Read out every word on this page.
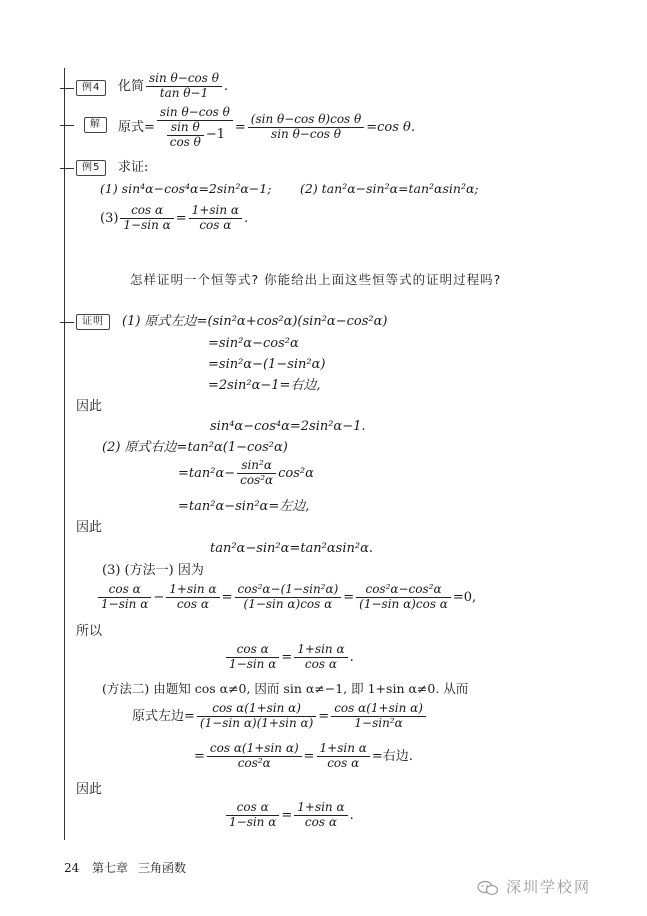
例4	化简 $\frac{\text{sin θ−cos θ}}{\text{tan θ−1}}$ .
解	原式= $\frac{\text{sin θ−cos θ}}{\frac{\text{sin θ}}{\text{cos θ}} -1} = \frac{\text{(sin θ−cos θ)cos θ}}{\text{sin θ−cos θ}} =\cos$ θ.
例5	求证:
(1) sin⁴α−cos⁴α=2sin²α−1; (2) tan²α−sin²α=tan²αsin²α;
$(3) \frac{\text{cos α}}{\text{1−sin α}} = \frac{\text{1+sin α}}{\text{cos α}}$ .
怎样证明一个恒等式? 你能给出上面这些恒等式的证明过程吗?
证明	(1) 原式左边=(sin²α+cos²α)(sin²α−cos²α)
=sin²α−cos²α
=sin²α−(1−sin²α)
=2sin²α−1=右边,
因此
sin⁴α−cos⁴α=2sin²α−1.
(2) 原式右边=tan²α(1−cos²α)
$=\tan^2\alpha- \frac{\text{sin²α}}{\text{cos²α}} \cos^2\alpha$
=tan²α−sin²α=左边,
因此
tan²α−sin²α=tan²αsin²α.
(3) (方法一) 因为
$\frac{\text{cos α}}{\text{1−sin α}} - \frac{\text{1+sin α}}{\text{cos α}} = \frac{\text{cos²α−(1−sin²α)}}{\text{(1−sin α)cos α}} = \frac{\text{cos²α−cos²α}}{\text{(1−sin α)cos α}} =0$,
所以
$\frac{\text{cos α}}{\text{1−sin α}} = \frac{\text{1+sin α}}{\text{cos α}}$ .
(方法二) 由题知 cos α≠0, 因而 sin α≠−1, 即 1+sin α≠0. 从而
原式左边= $\frac{\text{cos α(1+sin α)}}{\text{(1−sin α)(1+sin α)}} = \frac{\text{cos α(1+sin α)}}{\text{1−sin²α}}$
= $\frac{\text{cos α(1+sin α)}}{\text{cos²α}} = \frac{\text{1+sin α}}{\text{cos α}}$ =右边.
因此
$\frac{\text{cos α}}{\text{1−sin α}} = \frac{\text{1+sin α}}{\text{cos α}}$ .
24 第七章 三角函数
深圳学校网
